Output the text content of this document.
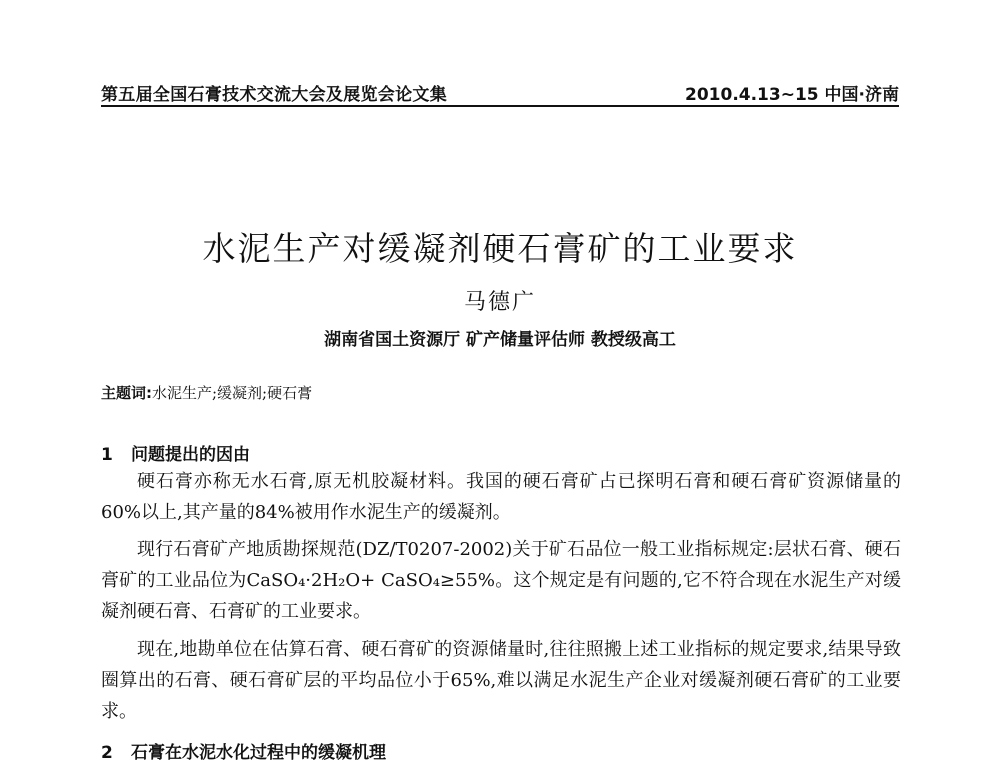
第五届全国石膏技术交流大会及展览会论文集	2010.4.13~15 中国·济南
水泥生产对缓凝剂硬石膏矿的工业要求
马德广
湖南省国土资源厅 矿产储量评估师 教授级高工
主题词:水泥生产;缓凝剂;硬石膏
1 问题提出的因由

硬石膏亦称无水石膏,原无机胶凝材料。我国的硬石膏矿占已探明石膏和硬石膏矿资源储量的60%以上,其产量的84%被用作水泥生产的缓凝剂。

现行石膏矿产地质勘探规范(DZ/T0207-2002)关于矿石品位一般工业指标规定:层状石膏、硬石膏矿的工业品位为CaSO₄·2H₂O+ CaSO₄≥55%。这个规定是有问题的,它不符合现在水泥生产对缓凝剂硬石膏、石膏矿的工业要求。

现在,地勘单位在估算石膏、硬石膏矿的资源储量时,往往照搬上述工业指标的规定要求,结果导致圈算出的石膏、硬石膏矿层的平均品位小于65%,难以满足水泥生产企业对缓凝剂硬石膏矿的工业要求。

2 石膏在水泥水化过程中的缓凝机理
